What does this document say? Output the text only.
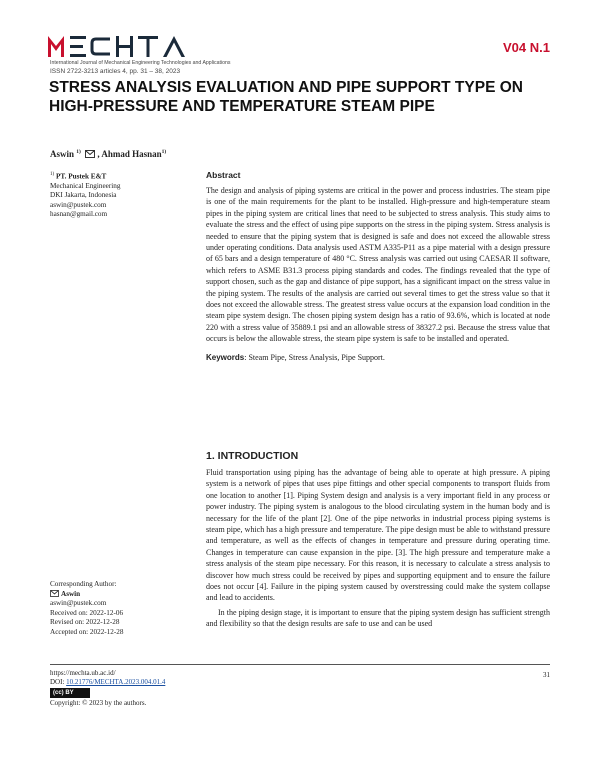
International Journal of Mechanical Engineering Technologies and Applications
ISSN 2722-3213 articles 4, pp. 31 – 38, 2023
V04 N.1
STRESS ANALYSIS EVALUATION AND PIPE SUPPORT TYPE ON HIGH-PRESSURE AND TEMPERATURE STEAM PIPE
Aswin $^{1)}$ , Ahmad Hasnan$^{1)}$
$^{1)}$ PT. Pustek E&T
Mechanical Engineering
DKI Jakarta, Indonesia
aswin@pustek.com
hasnan@gmail.com
Abstract
The design and analysis of piping systems are critical in the power and process industries. The steam pipe is one of the main requirements for the plant to be installed. High-pressure and high-temperature steam pipes in the piping system are critical lines that need to be subjected to stress analysis. This study aims to evaluate the stress and the effect of using pipe supports on the stress in the piping system. Stress analysis is needed to ensure that the piping system that is designed is safe and does not exceed the allowable stress under operating conditions. Data analysis used ASTM A335-P11 as a pipe material with a design pressure of 65 bars and a design temperature of 480 °C. Stress analysis was carried out using CAESAR II software, which refers to ASME B31.3 process piping standards and codes. The findings revealed that the type of support chosen, such as the gap and distance of pipe support, has a significant impact on the stress value in the piping system. The results of the analysis are carried out several times to get the stress value so that it does not exceed the allowable stress. The greatest stress value occurs at the expansion load condition in the steam pipe system design. The chosen piping system design has a ratio of 93.6%, which is located at node 220 with a stress value of 35889.1 psi and an allowable stress of 38327.2 psi. Because the stress value that occurs is below the allowable stress, the steam pipe system is safe to be installed and operated.
Keywords: Steam Pipe, Stress Analysis, Pipe Support.
1. INTRODUCTION

Fluid transportation using piping has the advantage of being able to operate at high pressure. A piping system is a network of pipes that uses pipe fittings and other special components to transport fluids from one location to another [1]. Piping System design and analysis is a very important field in any process or power industry. The piping system is analogous to the blood circulating system in the human body and is necessary for the life of the plant [2]. One of the pipe networks in industrial process piping systems is steam pipe, which has a high pressure and temperature. The pipe design must be able to withstand pressure and temperature, as well as the effects of changes in temperature and pressure during operating time. Changes in temperature can cause expansion in the pipe. [3]. The high pressure and temperature make a stress analysis of the steam pipe necessary. For this reason, it is necessary to calculate a stress analysis to discover how much stress could be received by pipes and supporting equipment and to ensure the failure does not occur [4]. Failure in the piping system caused by overstressing could make the system collapse and lead to accidents.

In the piping design stage, it is important to ensure that the piping system design has sufficient strength and flexibility so that the design results are safe to use and can be used

Corresponding Author:
Aswin
aswin@pustek.com
Received on: 2022-12-06
Revised on: 2022-12-28
Accepted on: 2022-12-28
https://mechta.ub.ac.id/
DOI: 10.21776/MECHTA.2023.004.01.4
(cc) BY
Copyright: © 2023 by the authors.
31
